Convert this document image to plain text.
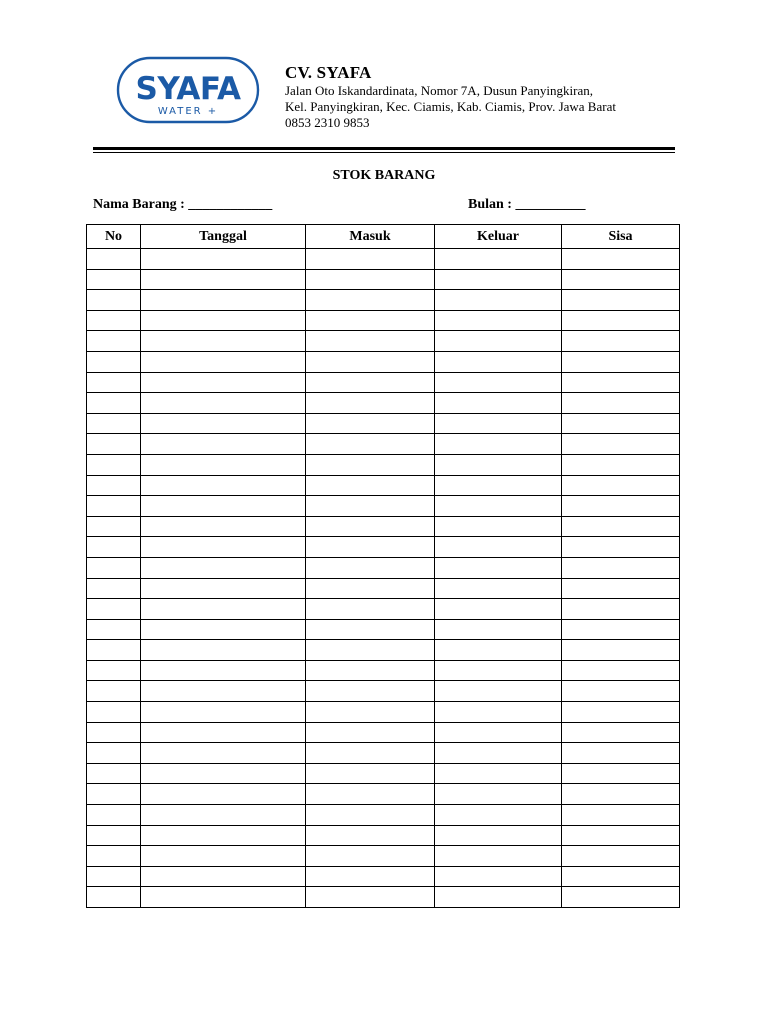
SYAFA
WATER +
CV. SYAFA
Jalan Oto Iskandardinata, Nomor 7A, Dusun Panyingkiran,
Kel. Panyingkiran, Kec. Ciamis, Kab. Ciamis, Prov. Jawa Barat
0853 2310 9853
STOK BARANG
Nama Barang : ____________	Bulan : __________
No	Tanggal	Masuk	Keluar	Sisa
